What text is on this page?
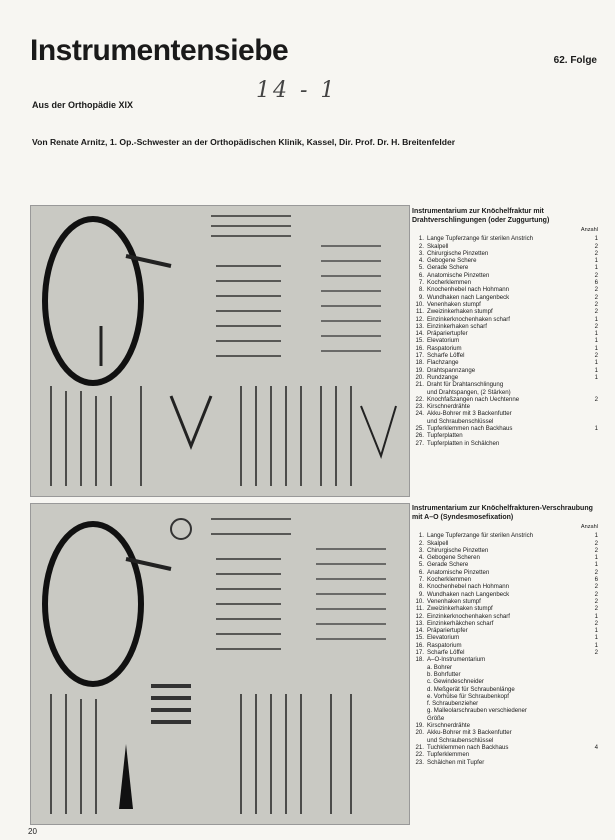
Instrumentensiebe	62. Folge
14 - 1
Aus der Orthopädie XIX
Von Renate Arnitz, 1. Op.-Schwester an der Orthopädischen Klinik, Kassel, Dir. Prof. Dr. H. Breitenfelder
Instrumentarium zur Knöchelfraktur mit Drahtverschlingungen (oder Zuggurtung)
Anzahl
1. Lange Tupferzange für sterilen Anstrich	1
2. Skalpell	2
3. Chirurgische Pinzetten	2
4. Gebogene Schere	1
5. Gerade Schere	1
6. Anatomische Pinzetten	2
7. Kocherklemmen	6
8. Knochenhebel nach Hohmann	2
9. Wundhaken nach Langenbeck	2
10. Venenhaken stumpf	2
11. Zweizinkerhaken stumpf	2
12. Einzinkerknochenhaken scharf	1
13. Einzinkerhaken scharf	2
14. Präpariertupfer	1
15. Elevatorium	1
16. Raspatorium	1
17. Scharfe Löffel	2
18. Flachzange	1
19. Drahtspannzange	1
20. Rundzange	1
21. Draht für Drahtanschlingung
und Drahtspangen, (2 Stärken)
22. Knochfaßzangen nach Uechtenne	2
23. Kirschnerdrähte
24. Akku-Bohrer mit 3 Backenfutter
und Schraubenschlüssel
25. Tupferklemmen nach Backhaus	1
26. Tupferplatten
27. Tupferplatten in Schälchen
Instrumentarium zur Knöchelfrakturen-Verschraubung mit A–O (Syndesmosefixation)
Anzahl
1. Lange Tupferzange für sterilen Anstrich	1
2. Skalpell	2
3. Chirurgische Pinzetten	2
4. Gebogene Scheren	1
5. Gerade Schere	1
6. Anatomische Pinzetten	2
7. Kocherklemmen	6
8. Knochenhebel nach Hohmann	2
9. Wundhaken nach Langenbeck	2
10. Venenhaken stumpf	2
11. Zweizinkerhaken stumpf	2
12. Einzinkerknochenhaken scharf	1
13. Einzinkerhäkchen scharf	2
14. Präpariertupfer	1
15. Elevatorium	1
16. Raspatorium	1
17. Scharfe Löffel	2
18. A–O-Instrumentarium
a. Bohrer
b. Bohrfutter
c. Gewindeschneider
d. Meßgerät für Schraubenlänge
e. Vorhülse für Schraubenkopf
f. Schraubenzieher
g. Malleolarschrauben verschiedener
Größe
19. Kirschnerdrähte
20. Akku-Bohrer mit 3 Backenfutter
und Schraubenschlüssel
21. Tuchklemmen nach Backhaus	4
22. Tupferklemmen
23. Schälchen mit Tupfer
20
